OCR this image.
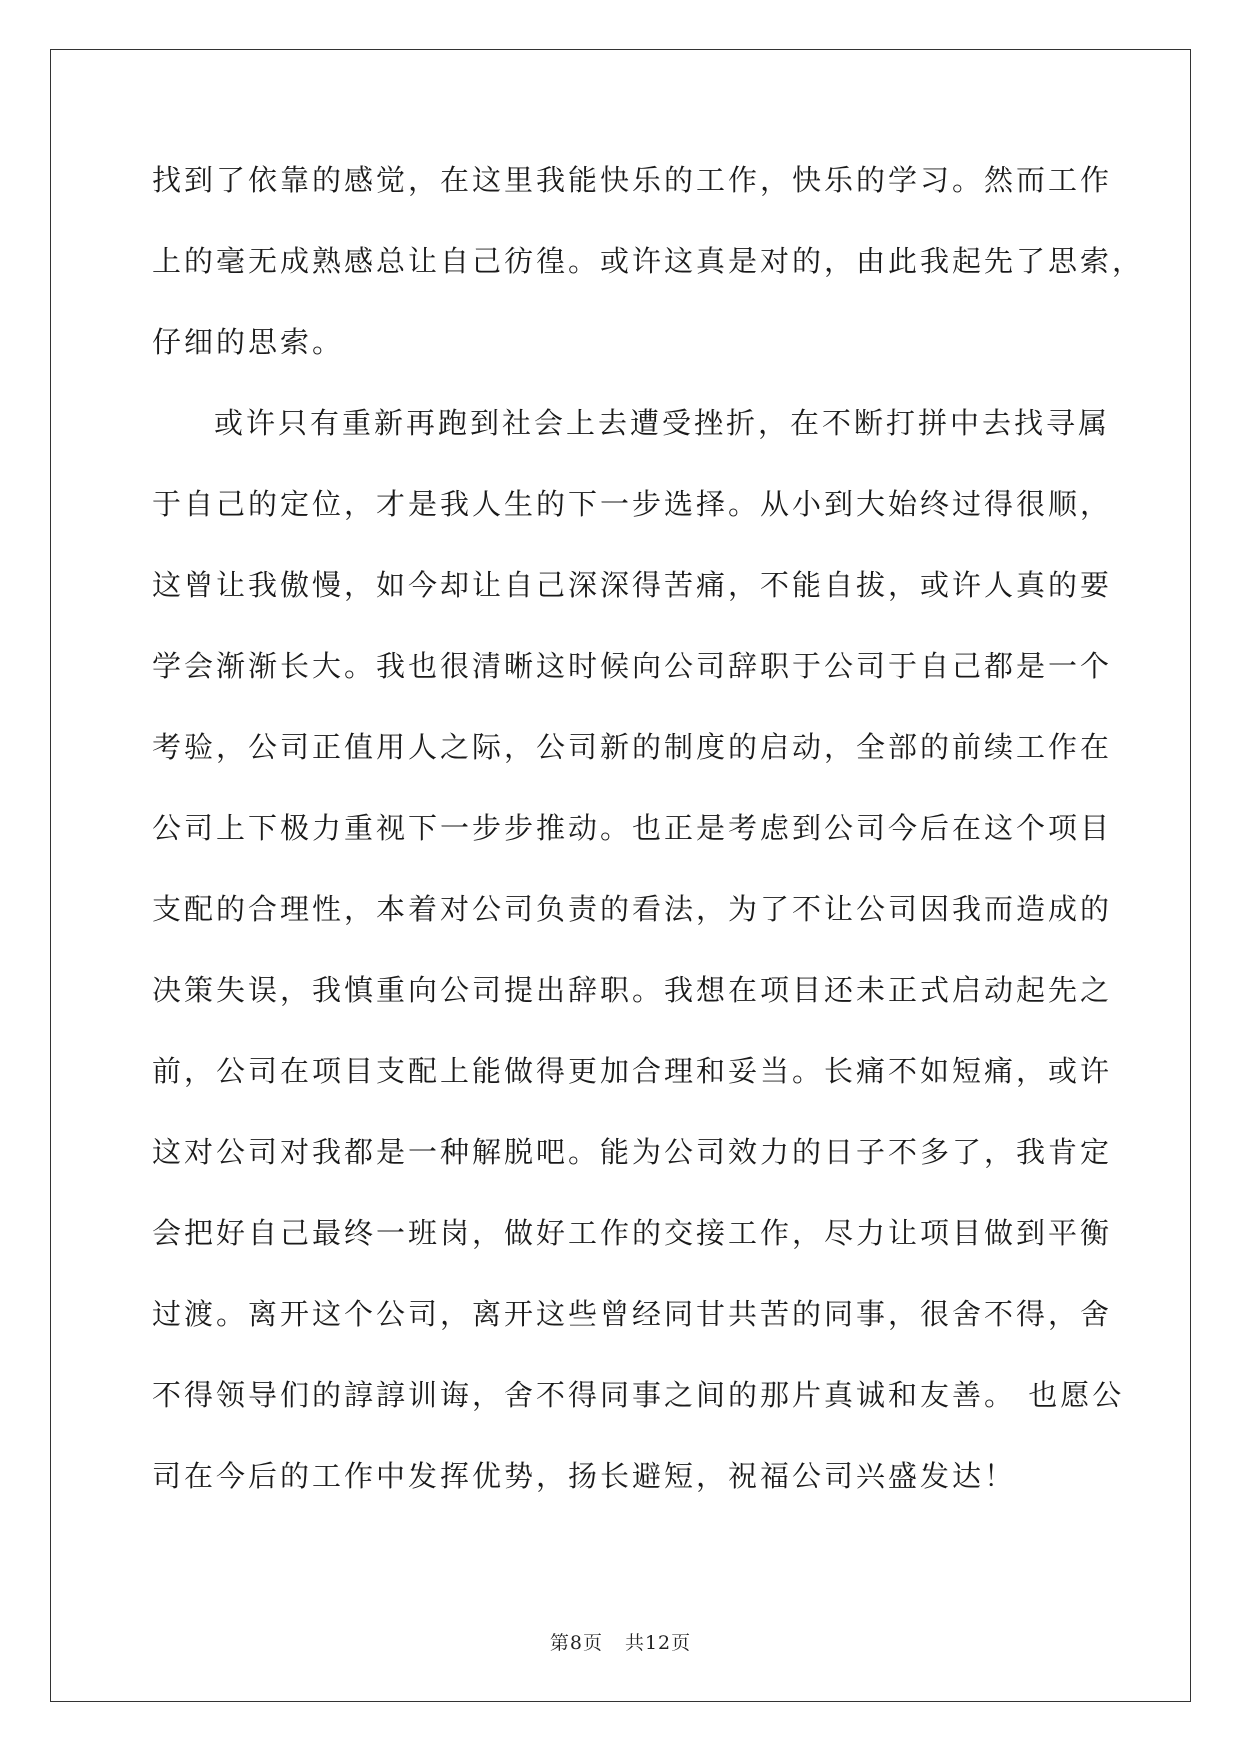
找到了依靠的感觉，在这里我能快乐的工作，快乐的学习。然而工作
上的毫无成熟感总让自己彷徨。或许这真是对的，由此我起先了思索，
仔细的思索。
或许只有重新再跑到社会上去遭受挫折，在不断打拼中去找寻属
于自己的定位，才是我人生的下一步选择。从小到大始终过得很顺，
这曾让我傲慢，如今却让自己深深得苦痛，不能自拔，或许人真的要
学会渐渐长大。我也很清晰这时候向公司辞职于公司于自己都是一个
考验，公司正值用人之际，公司新的制度的启动，全部的前续工作在
公司上下极力重视下一步步推动。也正是考虑到公司今后在这个项目
支配的合理性，本着对公司负责的看法，为了不让公司因我而造成的
决策失误，我慎重向公司提出辞职。我想在项目还未正式启动起先之
前，公司在项目支配上能做得更加合理和妥当。长痛不如短痛，或许
这对公司对我都是一种解脱吧。能为公司效力的日子不多了，我肯定
会把好自己最终一班岗，做好工作的交接工作，尽力让项目做到平衡
过渡。离开这个公司，离开这些曾经同甘共苦的同事，很舍不得，舍
不得领导们的諄諄训诲，舍不得同事之间的那片真诚和友善。 也愿公
司在今后的工作中发挥优势，扬长避短，祝福公司兴盛发达！
第8页 共12页
